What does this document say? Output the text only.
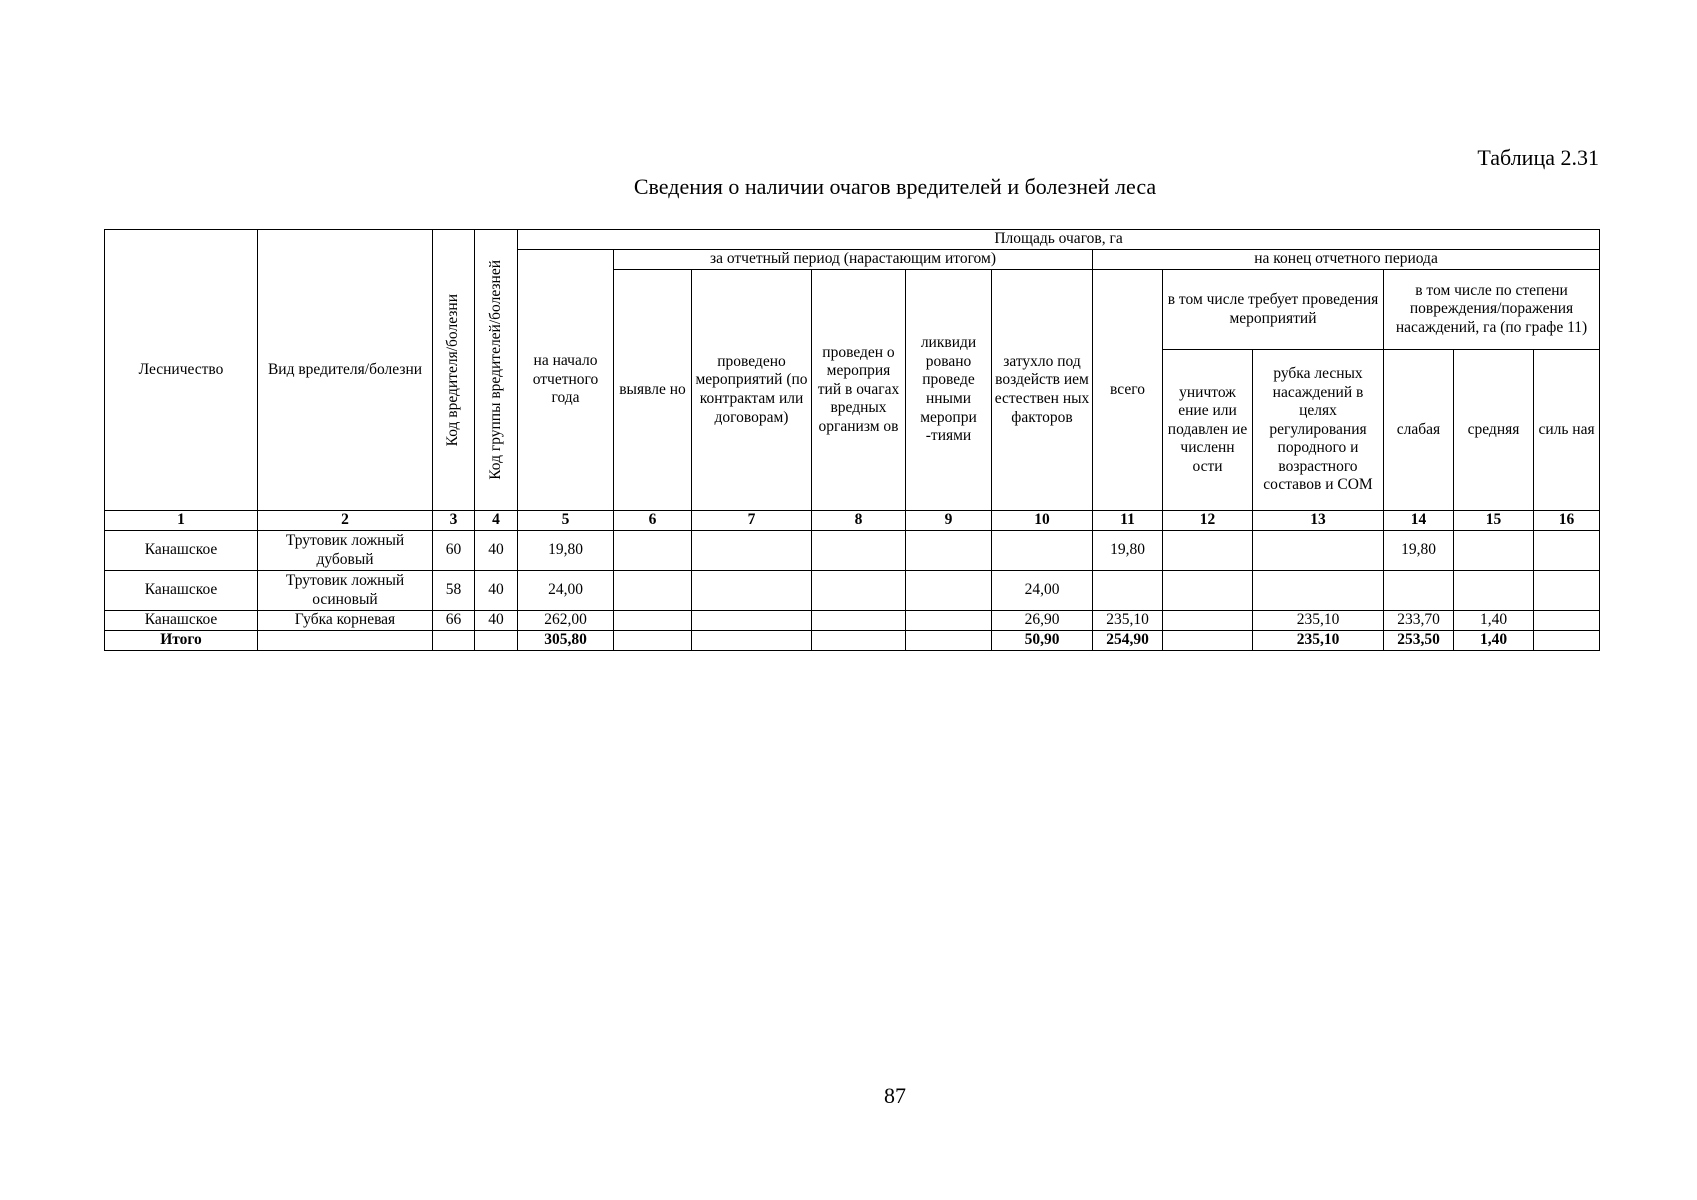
Таблица 2.31
Сведения о наличии очагов вредителей и болезней леса
Лесничество	Вид вредителя/болезни	Код вредителя/болезни	Код группы вредителей/болезней	Площадь очагов, га											
				на начало отчетного года	за отчетный период (нарастающим итогом)					на конец отчетного периода					
					выявле но	проведено мероприятий (по контрактам или договорам)	проведен о мероприя тий в очагах вредных организм ов	ликвиди ровано проведе нными меропри -тиями	затухло под воздейств ием естествен ных факторов	всего	в том числе требует проведения мероприятий		в том числе по степени повреждения/поражения насаждений, га (по графе 11)		
											уничтож ение или подавлен ие численн ости	рубка лесных насаждений в целях регулирования породного и возрастного составов и СОМ	слабая	средняя	силь ная
1	2	3	4	5	6	7	8	9	10	11	12	13	14	15	16
Канашское	Трутовик ложный дубовый	60	40	19,80						19,80			19,80		
Канашское	Трутовик ложный осиновый	58	40	24,00					24,00						
Канашское	Губка корневая	66	40	262,00					26,90	235,10		235,10	233,70	1,40	
Итого				305,80					50,90	254,90		235,10	253,50	1,40	
87
